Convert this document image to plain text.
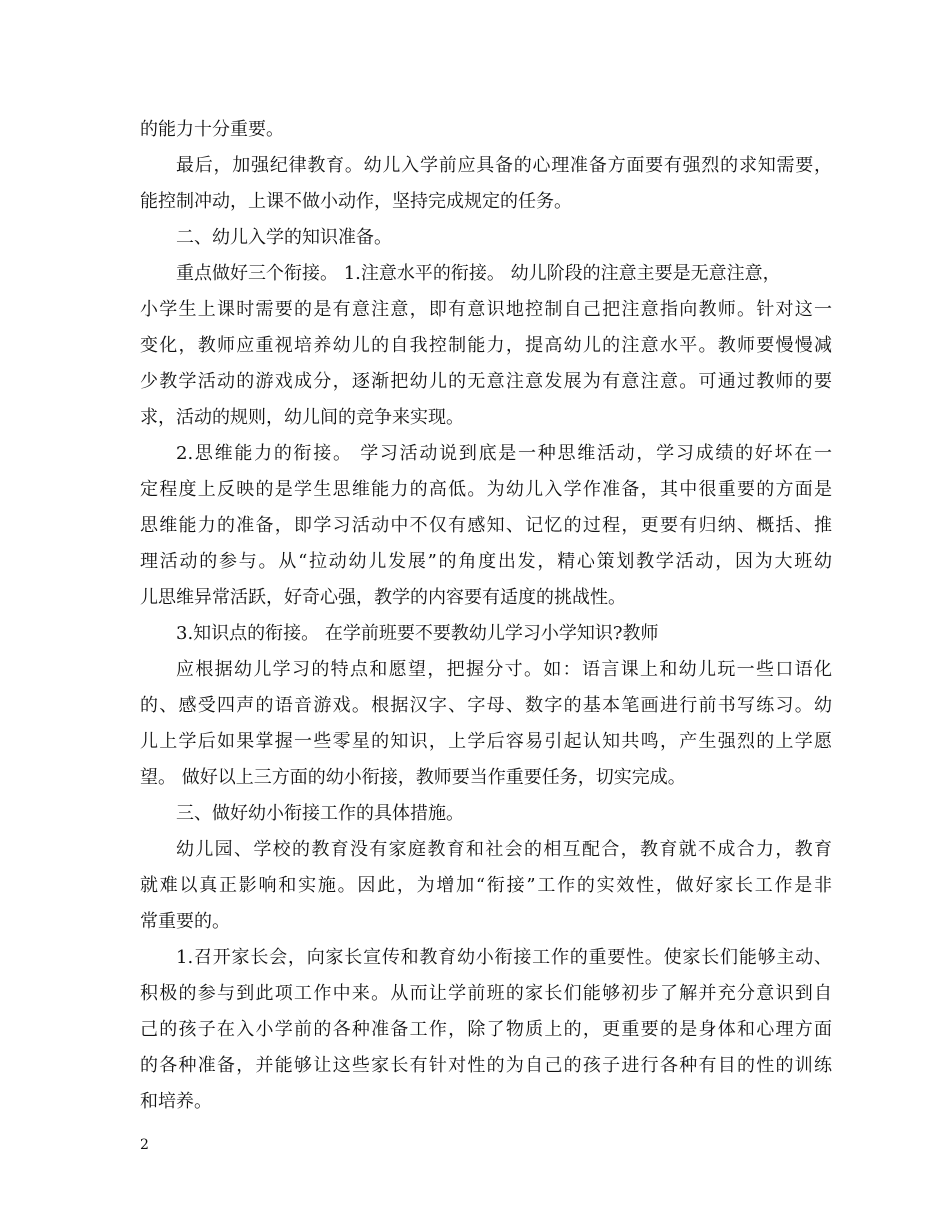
的能力十分重要。
最后，加强纪律教育。幼儿入学前应具备的心理准备方面要有强烈的求知需要，
能控制冲动，上课不做小动作，坚持完成规定的任务。
二、幼儿入学的知识准备。
重点做好三个衔接。 1.注意水平的衔接。 幼儿阶段的注意主要是无意注意，
小学生上课时需要的是有意注意，即有意识地控制自己把注意指向教师。针对这一
变化，教师应重视培养幼儿的自我控制能力，提高幼儿的注意水平。教师要慢慢减
少教学活动的游戏成分，逐渐把幼儿的无意注意发展为有意注意。可通过教师的要
求，活动的规则，幼儿间的竞争来实现。
2.思维能力的衔接。 学习活动说到底是一种思维活动，学习成绩的好坏在一
定程度上反映的是学生思维能力的高低。为幼儿入学作准备，其中很重要的方面是
思维能力的准备，即学习活动中不仅有感知、记忆的过程，更要有归纳、概括、推
理活动的参与。从“拉动幼儿发展”的角度出发，精心策划教学活动，因为大班幼
儿思维异常活跃，好奇心强，教学的内容要有适度的挑战性。
3.知识点的衔接。 在学前班要不要教幼儿学习小学知识?教师
应根据幼儿学习的特点和愿望，把握分寸。如：语言课上和幼儿玩一些口语化
的、感受四声的语音游戏。根据汉字、字母、数字的基本笔画进行前书写练习。幼
儿上学后如果掌握一些零星的知识，上学后容易引起认知共鸣，产生强烈的上学愿
望。 做好以上三方面的幼小衔接，教师要当作重要任务，切实完成。
三、做好幼小衔接工作的具体措施。
幼儿园、学校的教育没有家庭教育和社会的相互配合，教育就不成合力，教育
就难以真正影响和实施。因此，为增加“衔接”工作的实效性，做好家长工作是非
常重要的。
1.召开家长会，向家长宣传和教育幼小衔接工作的重要性。使家长们能够主动、
积极的参与到此项工作中来。从而让学前班的家长们能够初步了解并充分意识到自
己的孩子在入小学前的各种准备工作，除了物质上的，更重要的是身体和心理方面
的各种准备，并能够让这些家长有针对性的为自己的孩子进行各种有目的性的训练
和培养。
2
